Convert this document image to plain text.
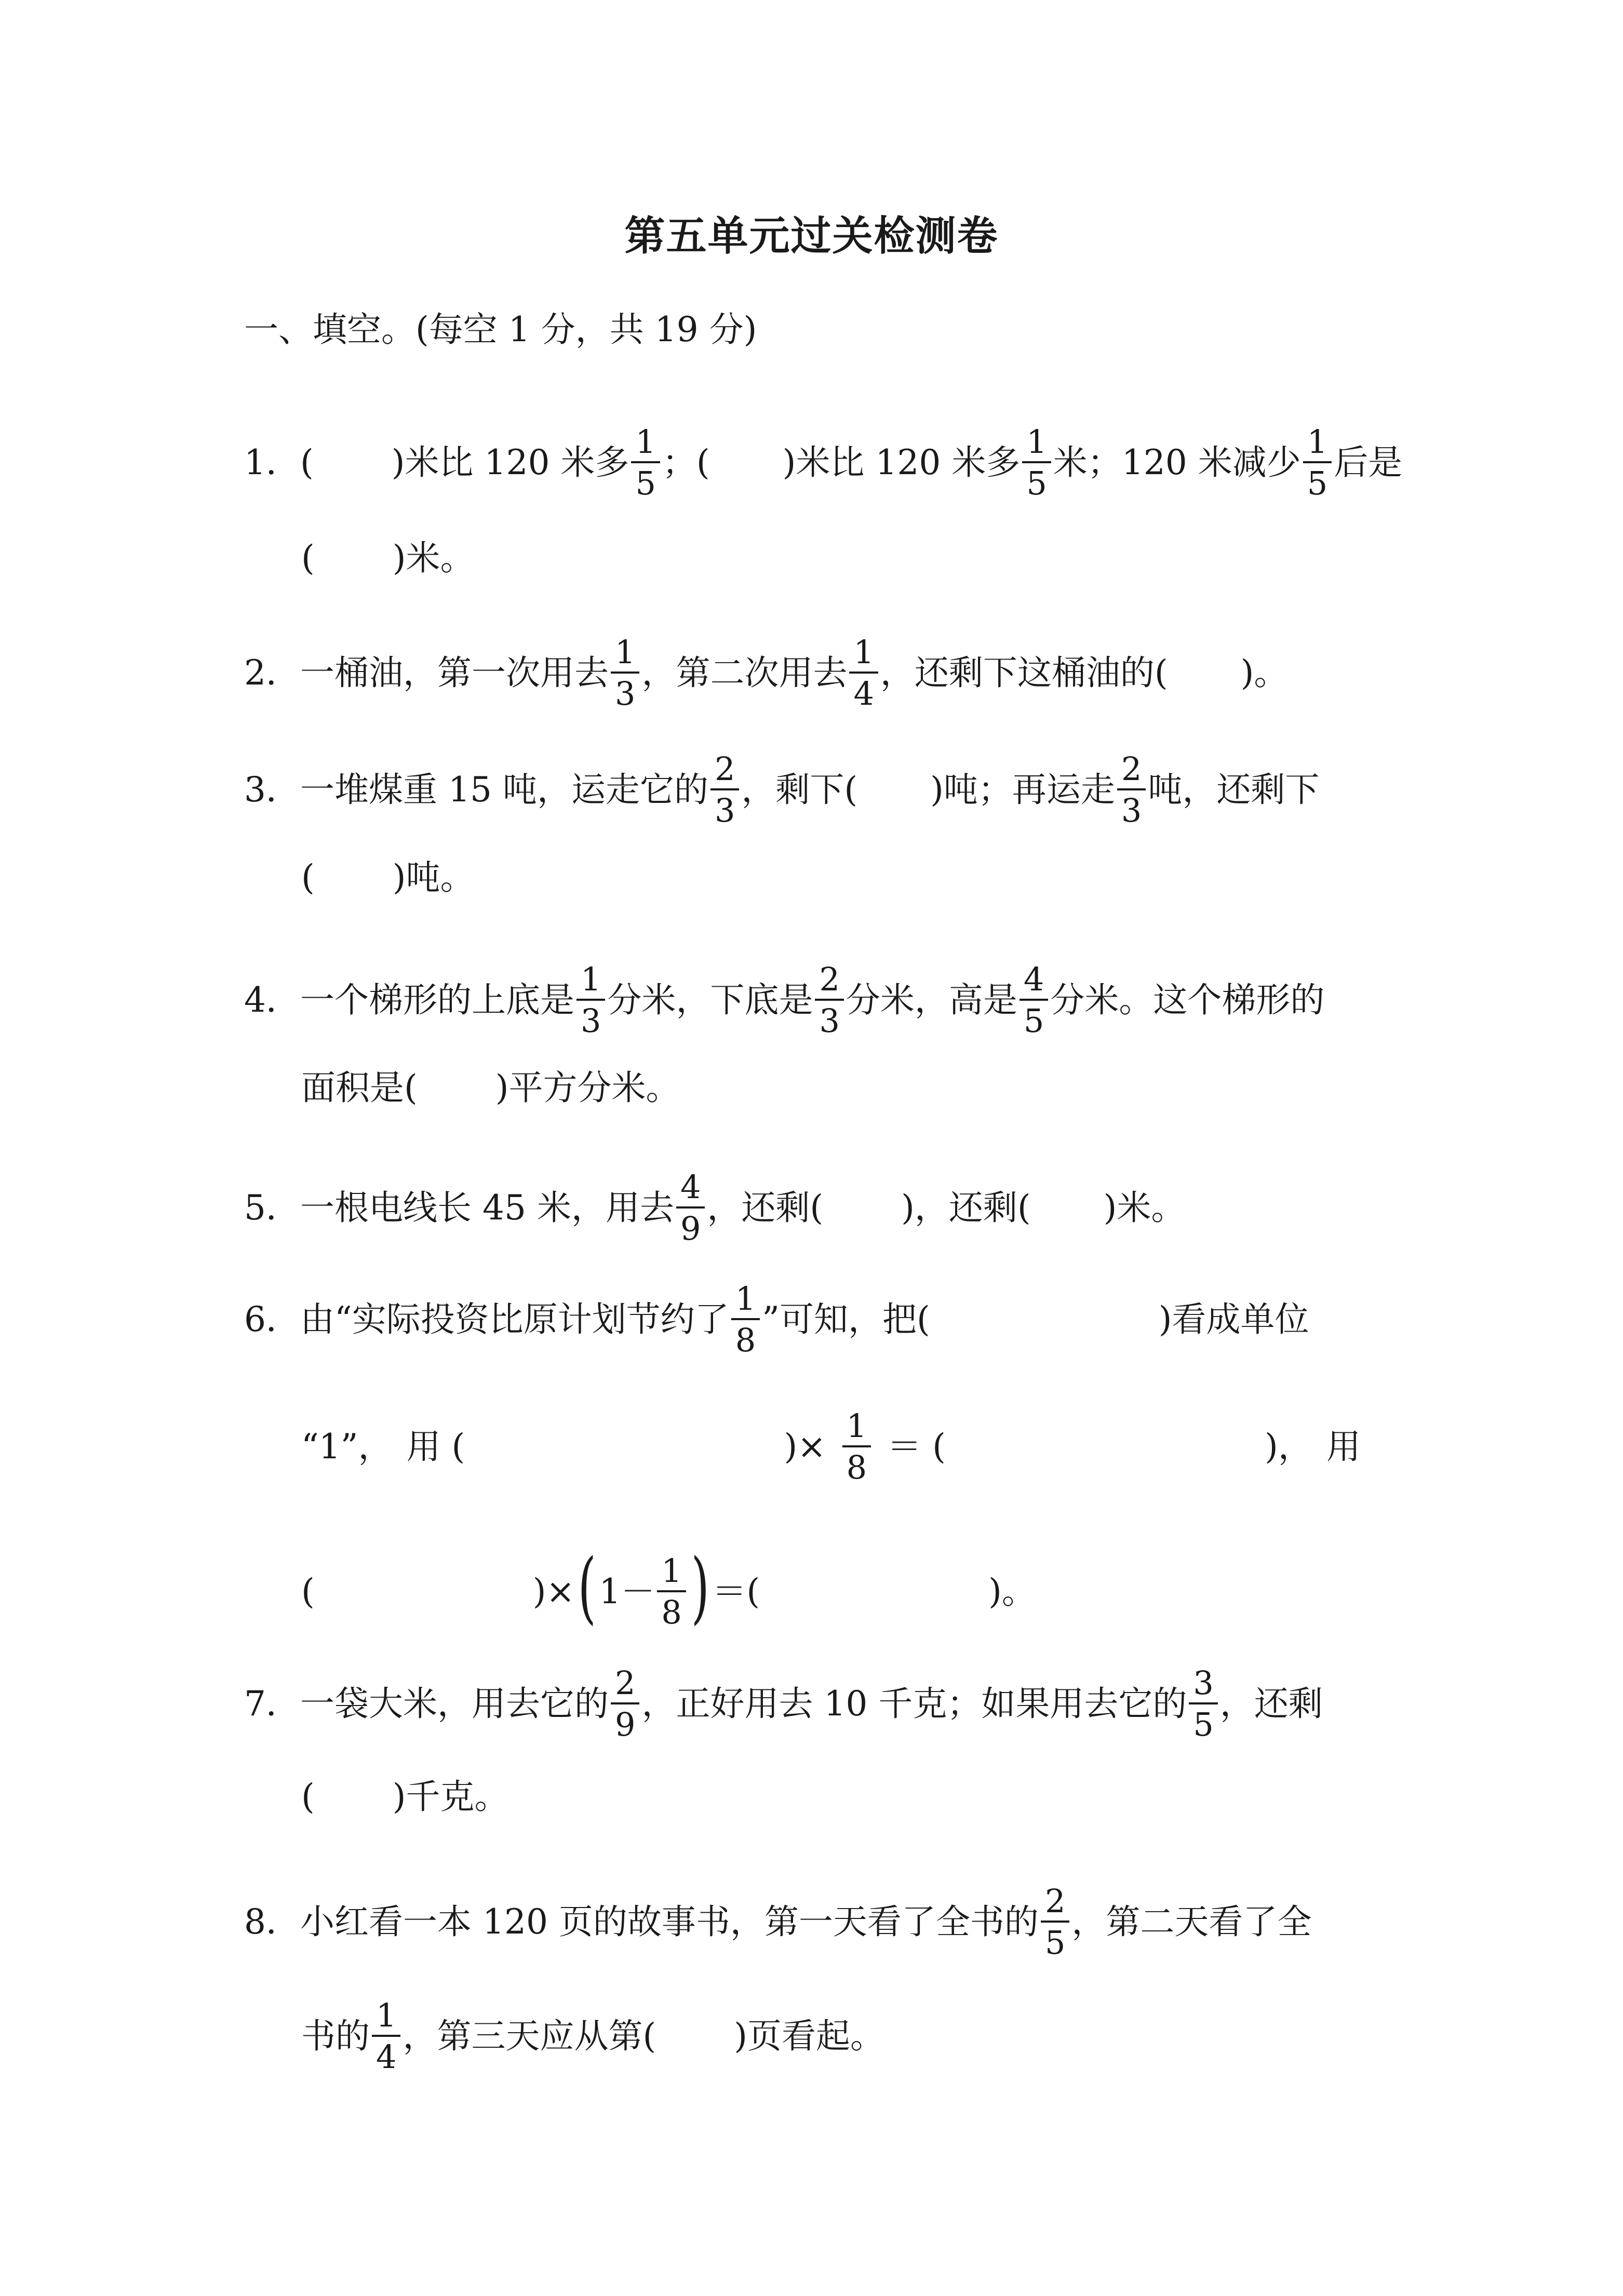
第五单元过关检测卷
一、填空。(每空 1 分，共 19 分)
1． ( )米比 120 米多 $\frac{1}{5}$ ；( )米比 120 米多 $\frac{1}{5}$ 米；120 米减少 $\frac{1}{5}$ 后是
( )米。
2． 一桶油，第一次用去 $\frac{1}{3}$ ，第二次用去 $\frac{1}{4}$ ，还剩下这桶油的( )。
3． 一堆煤重 15 吨，运走它的 $\frac{2}{3}$ ，剩下( )吨；再运走 $\frac{2}{3}$ 吨，还剩下
( )吨。
4． 一个梯形的上底是 $\frac{1}{3}$ 分米，下底是 $\frac{2}{3}$ 分米，高是 $\frac{4}{5}$ 分米。这个梯形的
面积是( )平方分米。
5． 一根电线长 45 米，用去 $\frac{4}{9}$ ，还剩( )，还剩( )米。
6． 由“实际投资比原计划节约了 $\frac{1}{8}$ ”可知，把(	)看成单位
“1”， 用 (	)× $\frac{1}{8}$ ＝ (	)， 用
(	)× ( $1- \frac{1}{8}$ ) ＝(	)。
7． 一袋大米，用去它的 $\frac{2}{9}$ ，正好用去 10 千克；如果用去它的 $\frac{3}{5}$ ，还剩
( )千克。
8． 小红看一本 120 页的故事书，第一天看了全书的 $\frac{2}{5}$ ，第二天看了全
书的 $\frac{1}{4}$ ，第三天应从第( )页看起。
